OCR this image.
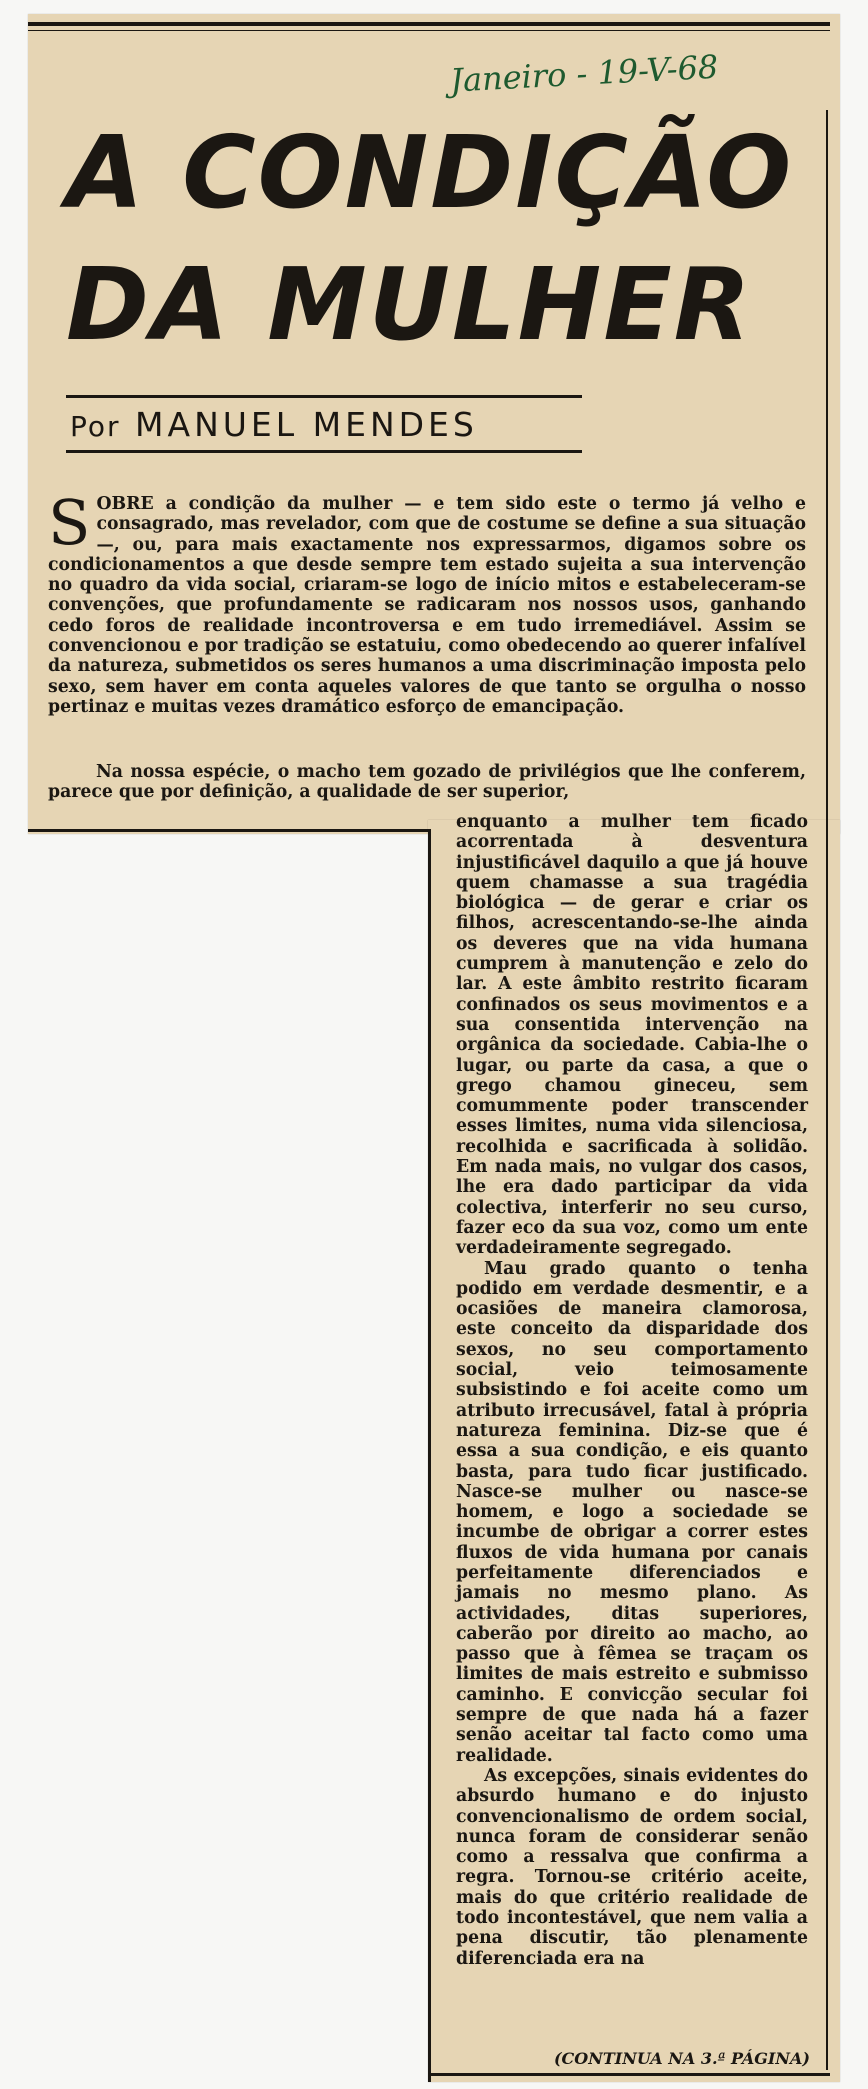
Janeiro - 19-V-68
A CONDIÇÃO
DA MULHER
Por MANUEL MENDES

SOBRE a condição da mulher — e tem sido este o termo já velho e consagrado, mas revelador, com que de costume se define a sua situação —, ou, para mais exactamente nos expressarmos, digamos sobre os condicionamentos a que desde sempre tem estado sujeita a sua intervenção no quadro da vida social, criaram-se logo de início mitos e estabeleceram-se convenções, que profundamente se radicaram nos nossos usos, ganhando cedo foros de realidade incontroversa e em tudo irremediável. Assim se convencionou e por tradição se estatuiu, como obedecendo ao querer infalível da natureza, submetidos os seres humanos a uma discriminação imposta pelo sexo, sem haver em conta aqueles valores de que tanto se orgulha o nosso pertinaz e muitas vezes dramático esforço de emancipação.

Na nossa espécie, o macho tem gozado de privilégios que lhe conferem, parece que por definição, a qualidade de ser superior,

enquanto a mulher tem ficado acorrentada à desventura injustificável daquilo a que já houve quem chamasse a sua tragédia biológica — de gerar e criar os filhos, acrescentando-se-lhe ainda os deveres que na vida humana cumprem à manutenção e zelo do lar. A este âmbito restrito ficaram confinados os seus movimentos e a sua consentida intervenção na orgânica da sociedade. Cabia-lhe o lugar, ou parte da casa, a que o grego chamou gineceu, sem comummente poder transcender esses limites, numa vida silenciosa, recolhida e sacrificada à solidão. Em nada mais, no vulgar dos casos, lhe era dado participar da vida colectiva, interferir no seu curso, fazer eco da sua voz, como um ente verdadeiramente segregado.

Mau grado quanto o tenha podido em verdade desmentir, e a ocasiões de maneira clamorosa, este conceito da disparidade dos sexos, no seu comportamento social, veio teimosamente subsistindo e foi aceite como um atributo irrecusável, fatal à própria natureza feminina. Diz-se que é essa a sua condição, e eis quanto basta, para tudo ficar justificado. Nasce-se mulher ou nasce-se homem, e logo a sociedade se incumbe de obrigar a correr estes fluxos de vida humana por canais perfeitamente diferenciados e jamais no mesmo plano. As actividades, ditas superiores, caberão por direito ao macho, ao passo que à fêmea se traçam os limites de mais estreito e submisso caminho. E convicção secular foi sempre de que nada há a fazer senão aceitar tal facto como uma realidade.

As excepções, sinais evidentes do absurdo humano e do injusto convencionalismo de ordem social, nunca foram de considerar senão como a ressalva que confirma a regra. Tornou-se critério aceite, mais do que critério realidade de todo incontestável, que nem valia a pena discutir, tão plenamente diferenciada era na

(CONTINUA NA 3.ª PÁGINA)
